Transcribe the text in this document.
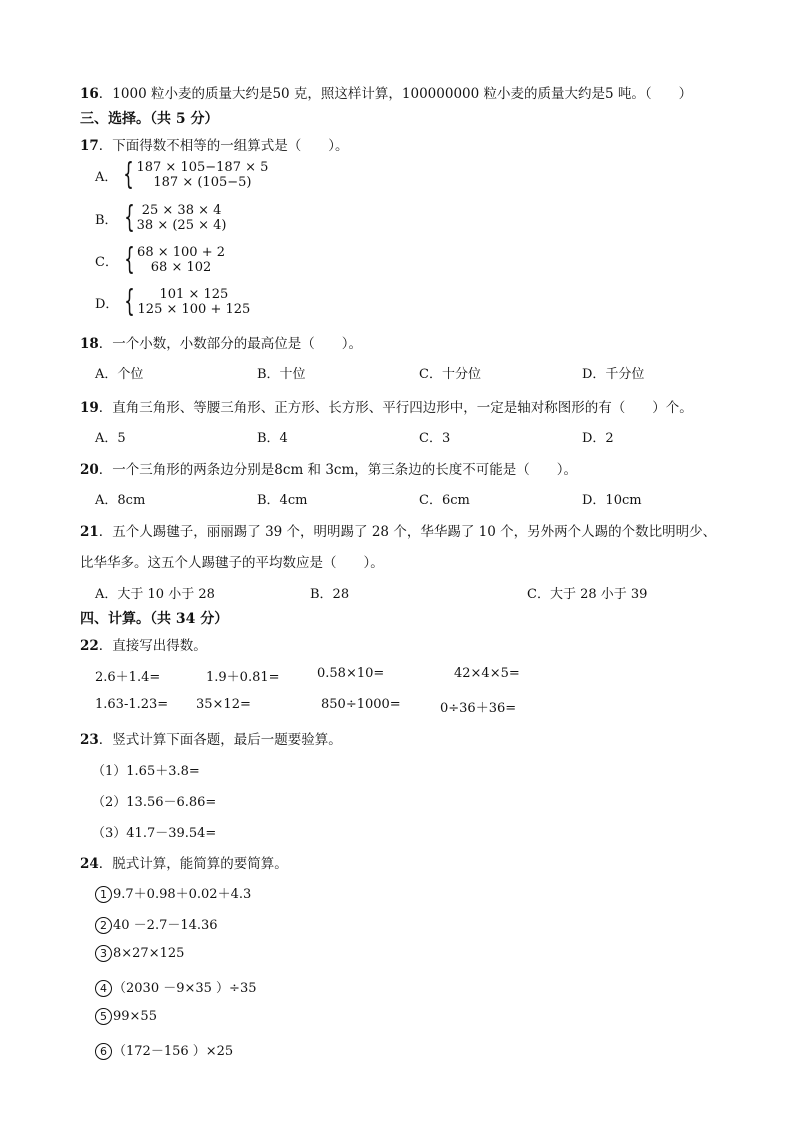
16．1000 粒小麦的质量大约是50 克，照这样计算，100000000 粒小麦的质量大约是5 吨。（　　）
三、选择。（共 5 分）
17．下面得数不相等的一组算式是（　　）。
A． { 187 × 105−187 × 5
187 × (105−5)
B． { 25 × 38 × 4
38 × (25 × 4)
C． { 68 × 100 + 2
68 × 102
D． {	101 × 125
125 × 100 + 125
18．一个小数，小数部分的最高位是（　　）。
A．个位	B．十位	C．十分位	D．千分位
19．直角三角形、等腰三角形、正方形、长方形、平行四边形中，一定是轴对称图形的有（　　）个。
A．5	B．4	C．3	D．2
20．一个三角形的两条边分别是8cm 和 3cm，第三条边的长度不可能是（　　）。
A．8cm	B．4cm	C．6cm	D．10cm
21．五个人踢毽子，丽丽踢了 39 个，明明踢了 28 个，华华踢了 10 个，另外两个人踢的个数比明明少、
比华华多。这五个人踢毽子的平均数应是（　　）。
A．大于 10 小于 28	B．28	C．大于 28 小于 39
四、计算。（共 34 分）
22．直接写出得数。
2.6＋1.4=	1.9＋0.81=	0.58×10=	42×4×5=
1.63-1.23= 35×12=	850÷1000=	0÷36＋36=
23．竖式计算下面各题，最后一题要验算。
（1）1.65＋3.8=
（2）13.56－6.86=
（3）41.7－39.54=
24．脱式计算，能简算的要简算。
1 9.7＋0.98＋0.02＋4.3
2 40 －2.7－14.36
3 8×27×125
4 （2030 －9×35 ）÷35
5 99×55
6 （172－156 ）×25
